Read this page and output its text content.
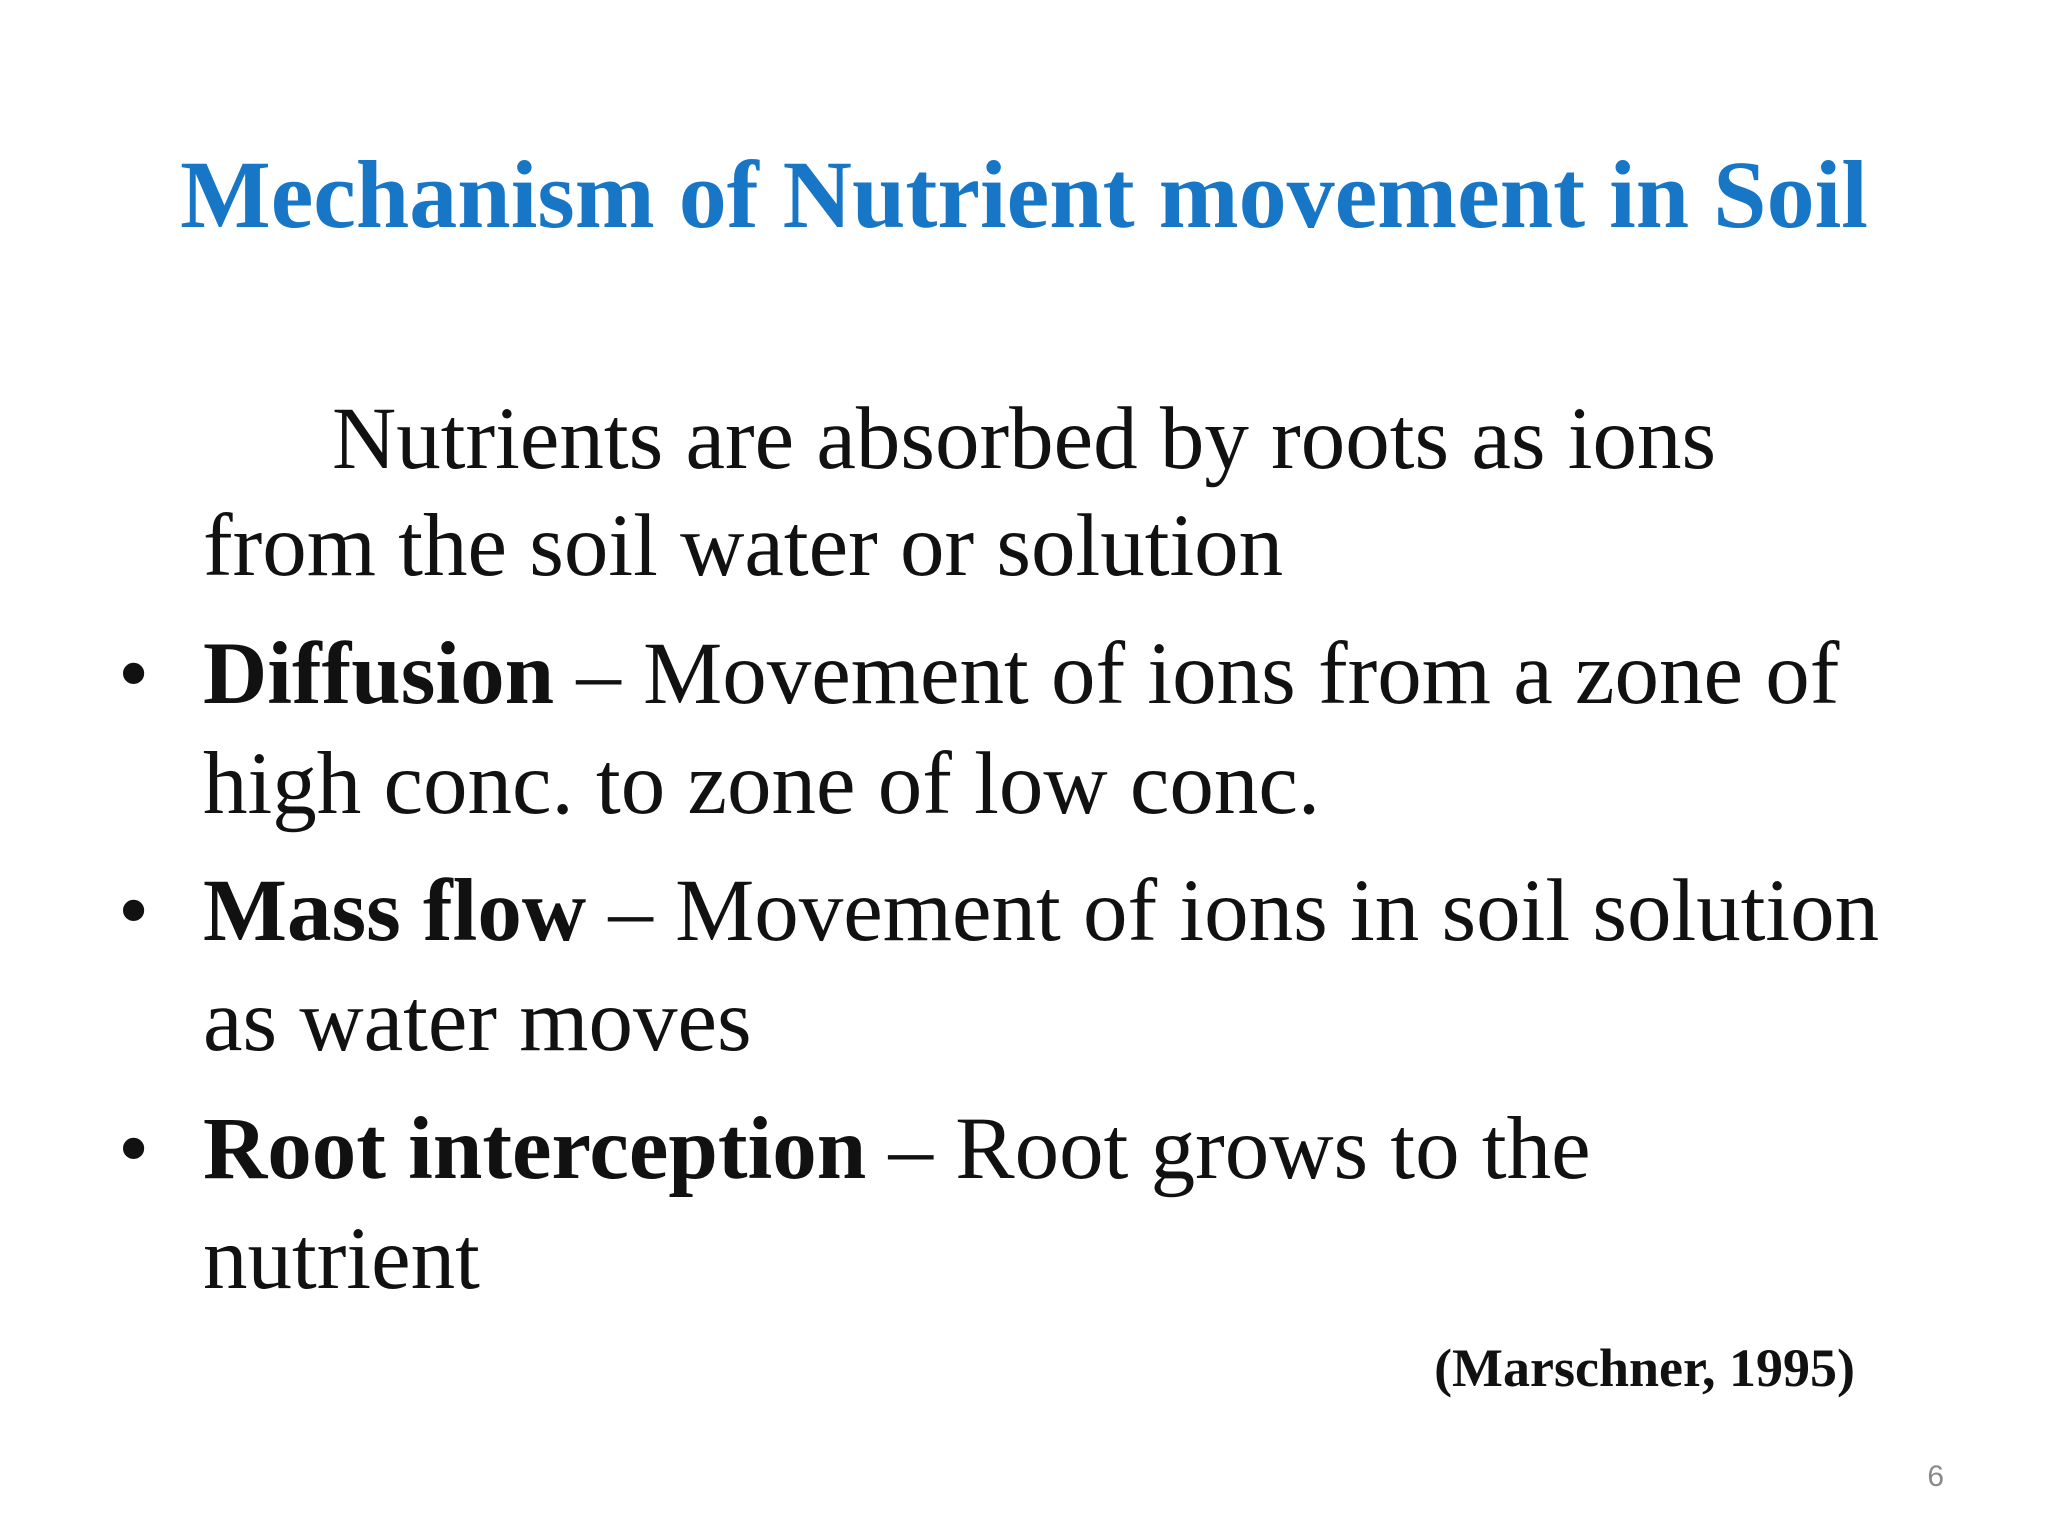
Mechanism of Nutrient movement in Soil
Nutrients are absorbed by roots as ions
from the soil water or solution
• Diffusion – Movement of ions from a zone of
high conc. to zone of low conc.
• Mass flow – Movement of ions in soil solution
as water moves
• Root interception – Root grows to the
nutrient
(Marschner, 1995)
6
